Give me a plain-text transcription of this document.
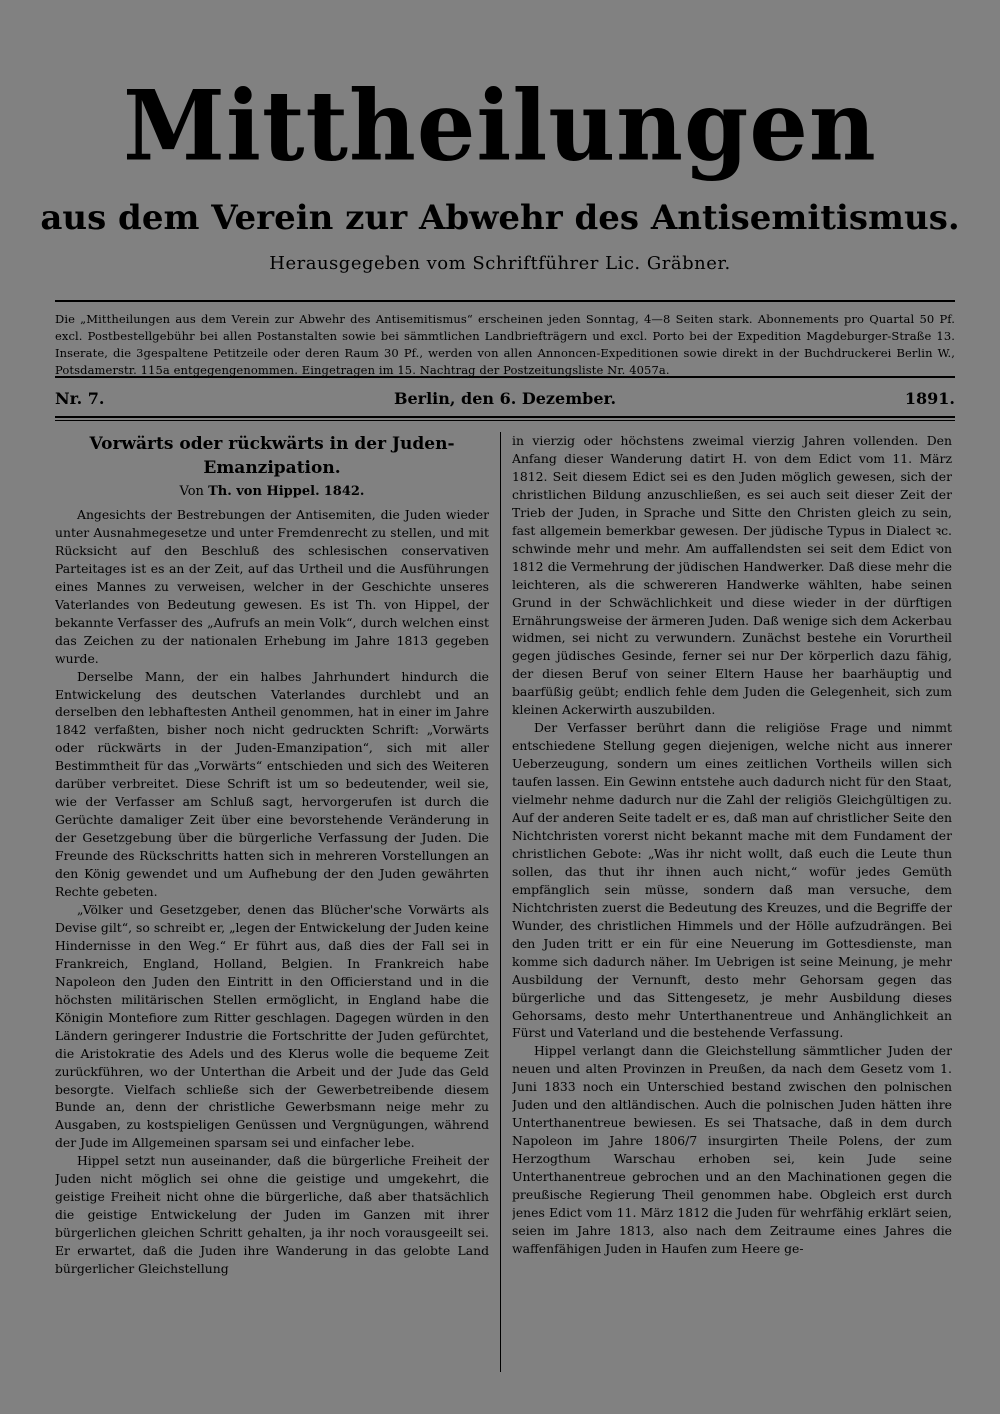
Mittheilungen
aus dem Verein zur Abwehr des Antisemitismus.
Herausgegeben vom Schriftführer Lic. Gräbner.
Die „Mittheilungen aus dem Verein zur Abwehr des Antisemitismus“ erscheinen jeden Sonntag, 4—8 Seiten stark. Abonnements pro Quartal 50 Pf. excl. Postbestellgebühr bei allen Postanstalten sowie bei sämmtlichen Landbriefträgern und excl. Porto bei der Expedition Magdeburger-Straße 13. Inserate, die 3gespaltene Petitzeile oder deren Raum 30 Pf., werden von allen Annoncen-Expeditionen sowie direkt in der Buchdruckerei Berlin W., Potsdamerstr. 115a entgegengenommen. Eingetragen im 15. Nachtrag der Postzeitungsliste Nr. 4057a.
Nr. 7.	Berlin, den 6. Dezember.	1891.
Vorwärts oder rückwärts in der Juden-Emanzipation.
Von Th. von Hippel. 1842.

Angesichts der Bestrebungen der Antisemiten, die Juden wieder unter Ausnahmegesetze und unter Fremdenrecht zu stellen, und mit Rücksicht auf den Beschluß des schlesischen conservativen Parteitages ist es an der Zeit, auf das Urtheil und die Ausführungen eines Mannes zu verweisen, welcher in der Geschichte unseres Vaterlandes von Bedeutung gewesen. Es ist Th. von Hippel, der bekannte Verfasser des „Aufrufs an mein Volk“, durch welchen einst das Zeichen zu der nationalen Erhebung im Jahre 1813 gegeben wurde.

Derselbe Mann, der ein halbes Jahrhundert hindurch die Entwickelung des deutschen Vaterlandes durchlebt und an derselben den lebhaftesten Antheil genommen, hat in einer im Jahre 1842 verfaßten, bisher noch nicht gedruckten Schrift: „Vorwärts oder rückwärts in der Juden-Emanzipation“, sich mit aller Bestimmtheit für das „Vorwärts“ entschieden und sich des Weiteren darüber verbreitet. Diese Schrift ist um so bedeutender, weil sie, wie der Verfasser am Schluß sagt, hervorgerufen ist durch die Gerüchte damaliger Zeit über eine bevorstehende Veränderung in der Gesetzgebung über die bürgerliche Verfassung der Juden. Die Freunde des Rückschritts hatten sich in mehreren Vorstellungen an den König gewendet und um Aufhebung der den Juden gewährten Rechte gebeten.

„Völker und Gesetzgeber, denen das Blücher'sche Vorwärts als Devise gilt“, so schreibt er, „legen der Entwickelung der Juden keine Hindernisse in den Weg.“ Er führt aus, daß dies der Fall sei in Frankreich, England, Holland, Belgien. In Frankreich habe Napoleon den Juden den Eintritt in den Officierstand und in die höchsten militärischen Stellen ermöglicht, in England habe die Königin Montefiore zum Ritter geschlagen. Dagegen würden in den Ländern geringerer Industrie die Fortschritte der Juden gefürchtet, die Aristokratie des Adels und des Klerus wolle die bequeme Zeit zurückführen, wo der Unterthan die Arbeit und der Jude das Geld besorgte. Vielfach schließe sich der Gewerbetreibende diesem Bunde an, denn der christliche Gewerbsmann neige mehr zu Ausgaben, zu kostspieligen Genüssen und Vergnügungen, während der Jude im Allgemeinen sparsam sei und einfacher lebe.

Hippel setzt nun auseinander, daß die bürgerliche Freiheit der Juden nicht möglich sei ohne die geistige und umgekehrt, die geistige Freiheit nicht ohne die bürgerliche, daß aber thatsächlich die geistige Entwickelung der Juden im Ganzen mit ihrer bürgerlichen gleichen Schritt gehalten, ja ihr noch vorausgeeilt sei. Er erwartet, daß die Juden ihre Wanderung in das gelobte Land bürgerlicher Gleichstellung

in vierzig oder höchstens zweimal vierzig Jahren vollenden. Den Anfang dieser Wanderung datirt H. von dem Edict vom 11. März 1812. Seit diesem Edict sei es den Juden möglich gewesen, sich der christlichen Bildung anzuschließen, es sei auch seit dieser Zeit der Trieb der Juden, in Sprache und Sitte den Christen gleich zu sein, fast allgemein bemerkbar gewesen. Der jüdische Typus in Dialect ꝛc. schwinde mehr und mehr. Am auffallendsten sei seit dem Edict von 1812 die Vermehrung der jüdischen Handwerker. Daß diese mehr die leichteren, als die schwereren Handwerke wählten, habe seinen Grund in der Schwächlichkeit und diese wieder in der dürftigen Ernährungsweise der ärmeren Juden. Daß wenige sich dem Ackerbau widmen, sei nicht zu verwundern. Zunächst bestehe ein Vorurtheil gegen jüdisches Gesinde, ferner sei nur Der körperlich dazu fähig, der diesen Beruf von seiner Eltern Hause her baarhäuptig und baarfüßig geübt; endlich fehle dem Juden die Gelegenheit, sich zum kleinen Ackerwirth auszubilden.

Der Verfasser berührt dann die religiöse Frage und nimmt entschiedene Stellung gegen diejenigen, welche nicht aus innerer Ueberzeugung, sondern um eines zeitlichen Vortheils willen sich taufen lassen. Ein Gewinn entstehe auch dadurch nicht für den Staat, vielmehr nehme dadurch nur die Zahl der religiös Gleichgültigen zu. Auf der anderen Seite tadelt er es, daß man auf christlicher Seite den Nichtchristen vorerst nicht bekannt mache mit dem Fundament der christlichen Gebote: „Was ihr nicht wollt, daß euch die Leute thun sollen, das thut ihr ihnen auch nicht,“ wofür jedes Gemüth empfänglich sein müsse, sondern daß man versuche, dem Nichtchristen zuerst die Bedeutung des Kreuzes, und die Begriffe der Wunder, des christlichen Himmels und der Hölle aufzudrängen. Bei den Juden tritt er ein für eine Neuerung im Gottesdienste, man komme sich dadurch näher. Im Uebrigen ist seine Meinung, je mehr Ausbildung der Vernunft, desto mehr Gehorsam gegen das bürgerliche und das Sittengesetz, je mehr Ausbildung dieses Gehorsams, desto mehr Unterthanentreue und Anhänglichkeit an Fürst und Vaterland und die bestehende Verfassung.

Hippel verlangt dann die Gleichstellung sämmtlicher Juden der neuen und alten Provinzen in Preußen, da nach dem Gesetz vom 1. Juni 1833 noch ein Unterschied bestand zwischen den polnischen Juden und den altländischen. Auch die polnischen Juden hätten ihre Unterthanentreue bewiesen. Es sei Thatsache, daß in dem durch Napoleon im Jahre 1806/7 insurgirten Theile Polens, der zum Herzogthum Warschau erhoben sei, kein Jude seine Unterthanentreue gebrochen und an den Machinationen gegen die preußische Regierung Theil genommen habe. Obgleich erst durch jenes Edict vom 11. März 1812 die Juden für wehrfähig erklärt seien, seien im Jahre 1813, also nach dem Zeitraume eines Jahres die waffenfähigen Juden in Haufen zum Heere ge-
